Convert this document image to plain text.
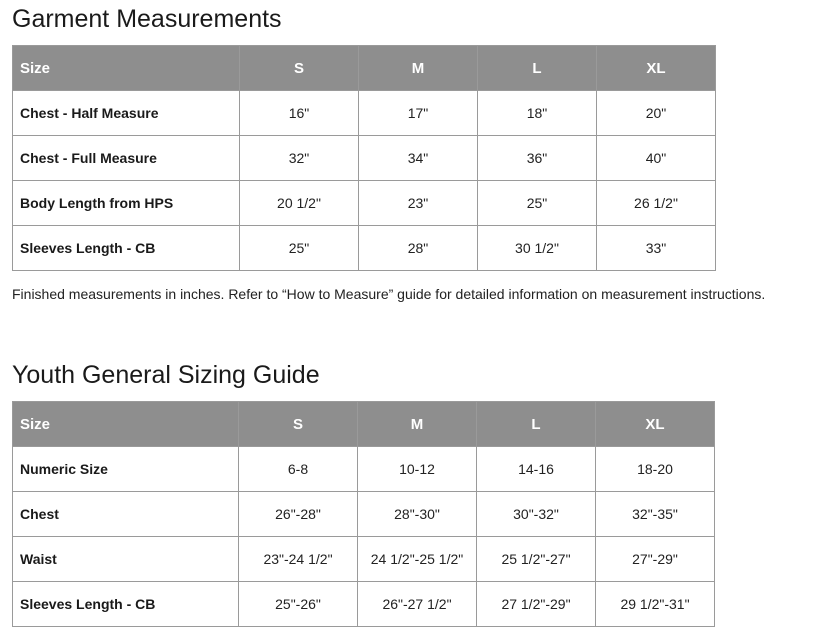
Garment Measurements
Size	S	M	L	XL
Chest - Half Measure	16"	17"	18"	20"
Chest - Full Measure	32"	34"	36"	40"
Body Length from HPS	20 1/2"	23"	25"	26 1/2"
Sleeves Length - CB	25"	28"	30 1/2"	33"

Finished measurements in inches. Refer to “How to Measure” guide for detailed information on measurement instructions.

Youth General Sizing Guide
Size	S	M	L	XL
Numeric Size	6-8	10-12	14-16	18-20
Chest	26"-28"	28"-30"	30"-32"	32"-35"
Waist	23"-24 1/2"	24 1/2"-25 1/2"	25 1/2"-27"	27"-29"
Sleeves Length - CB	25"-26"	26"-27 1/2"	27 1/2"-29"	29 1/2"-31"
